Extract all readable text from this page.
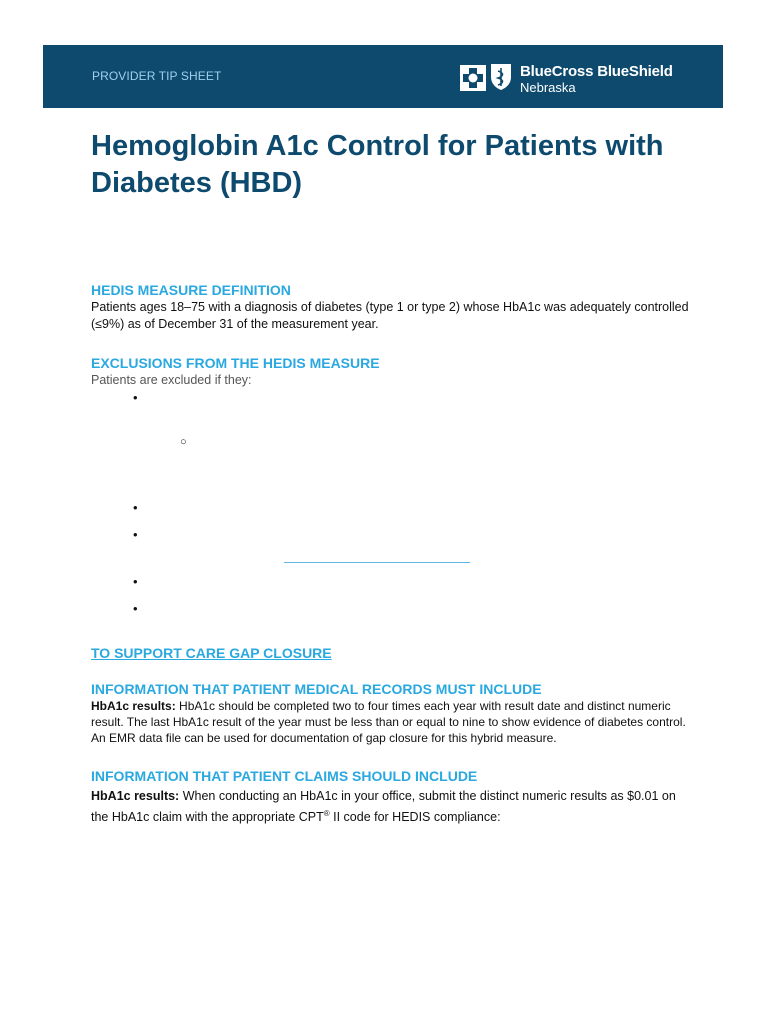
PROVIDER TIP SHEET	BlueCross BlueShield
Nebraska
Hemoglobin A1c Control for Patients with Diabetes (HBD)
HEDIS MEASURE DEFINITION

Patients ages 18–75 with a diagnosis of diabetes (type 1 or type 2) whose HbA1c was adequately controlled (≤9%) as of December 31 of the measurement year.

EXCLUSIONS FROM THE HEDIS MEASURE

Patients are excluded if they:

•
○
•
•
•
•
TO SUPPORT CARE GAP CLOSURE
INFORMATION THAT PATIENT MEDICAL RECORDS MUST INCLUDE

HbA1c results: HbA1c should be completed two to four times each year with result date and distinct numeric result. The last HbA1c result of the year must be less than or equal to nine to show evidence of diabetes control. An EMR data file can be used for documentation of gap closure for this hybrid measure.

INFORMATION THAT PATIENT CLAIMS SHOULD INCLUDE

HbA1c results: When conducting an HbA1c in your office, submit the distinct numeric results as $0.01 on the HbA1c claim with the appropriate CPT® II code for HEDIS compliance:
